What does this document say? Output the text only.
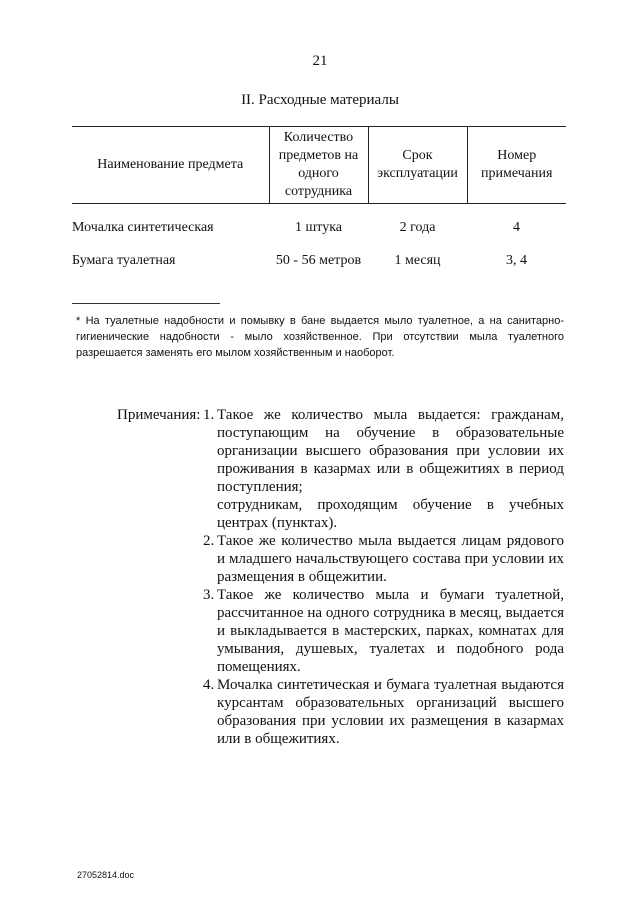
21
II. Расходные материалы
Наименование предмета	Количество предметов на одного сотрудника	Срок эксплуатации	Номер примечания
Мочалка синтетическая	1 штука	2 года	4
Бумага туалетная	50 - 56 метров	1 месяц	3, 4
* На туалетные надобности и помывку в бане выдается мыло туалетное, а на санитарно-гигиенические надобности - мыло хозяйственное. При отсутствии мыла туалетного разрешается заменять его мылом хозяйственным и наоборот.
Примечания: 1. Такое же количество мыла выдается: гражданам, поступающим на обучение в образовательные организации высшего образования при условии их проживания в казармах или в общежитиях в период поступления;
сотрудникам, проходящим обучение в учебных центрах (пунктах).
2. Такое же количество мыла выдается лицам рядового и младшего начальствующего состава при условии их размещения в общежитии.
3. Такое же количество мыла и бумаги туалетной, рассчитанное на одного сотрудника в месяц, выдается и выкладывается в мастерских, парках, комнатах для умывания, душевых, туалетах и подобного рода помещениях.
4. Мочалка синтетическая и бумага туалетная выдаются курсантам образовательных организаций высшего образования при условии их размещения в казармах или в общежитиях.
27052814.doc
